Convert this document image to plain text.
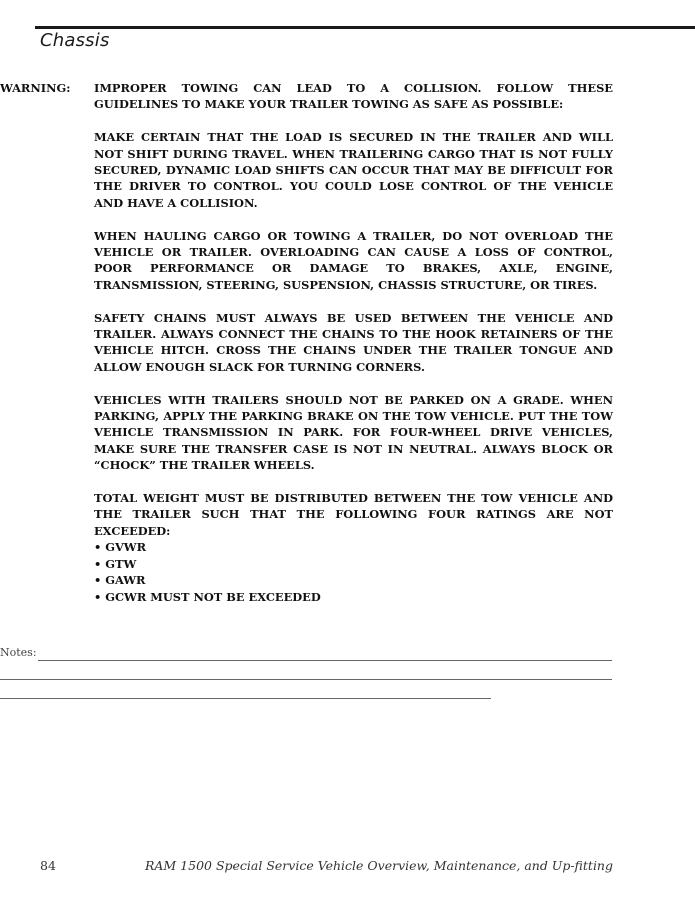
Chassis
WARNING: IMPROPER TOWING CAN LEAD TO A COLLISION. FOLLOW THESE GUIDELINES TO MAKE YOUR TRAILER TOWING AS SAFE AS POSSIBLE:

MAKE CERTAIN THAT THE LOAD IS SECURED IN THE TRAILER AND WILL NOT SHIFT DURING TRAVEL. WHEN TRAILERING CARGO THAT IS NOT FULLY SECURED, DYNAMIC LOAD SHIFTS CAN OCCUR THAT MAY BE DIFFICULT FOR THE DRIVER TO CONTROL. YOU COULD LOSE CONTROL OF THE VEHICLE AND HAVE A COLLISION.

WHEN HAULING CARGO OR TOWING A TRAILER, DO NOT OVERLOAD THE VEHICLE OR TRAILER. OVERLOADING CAN CAUSE A LOSS OF CONTROL, POOR PERFORMANCE OR DAMAGE TO BRAKES, AXLE, ENGINE, TRANSMISSION, STEERING, SUSPENSION, CHASSIS STRUCTURE, OR TIRES.

SAFETY CHAINS MUST ALWAYS BE USED BETWEEN THE VEHICLE AND TRAILER. ALWAYS CONNECT THE CHAINS TO THE HOOK RETAINERS OF THE VEHICLE HITCH. CROSS THE CHAINS UNDER THE TRAILER TONGUE AND ALLOW ENOUGH SLACK FOR TURNING CORNERS.

VEHICLES WITH TRAILERS SHOULD NOT BE PARKED ON A GRADE. WHEN PARKING, APPLY THE PARKING BRAKE ON THE TOW VEHICLE. PUT THE TOW VEHICLE TRANSMISSION IN PARK. FOR FOUR-WHEEL DRIVE VEHICLES, MAKE SURE THE TRANSFER CASE IS NOT IN NEUTRAL. ALWAYS BLOCK OR “CHOCK” THE TRAILER WHEELS.

TOTAL WEIGHT MUST BE DISTRIBUTED BETWEEN THE TOW VEHICLE AND THE TRAILER SUCH THAT THE FOLLOWING FOUR RATINGS ARE NOT EXCEEDED:

• GVWR
• GTW
• GAWR
• GCWR MUST NOT BE EXCEEDED
Notes:
84	RAM 1500 Special Service Vehicle Overview, Maintenance, and Up-fitting
